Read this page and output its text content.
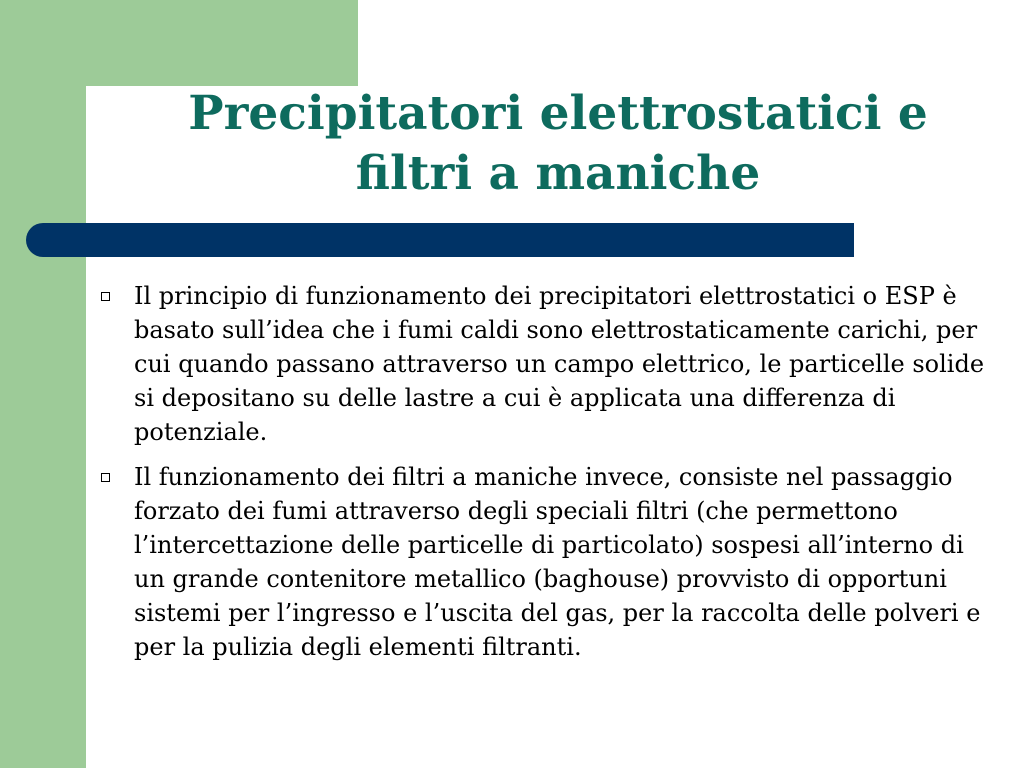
Precipitatori elettrostatici e
filtri a maniche
Il principio di funzionamento dei precipitatori elettrostatici o ESP è basato sull’idea che i fumi caldi sono elettrostaticamente carichi, per cui quando passano attraverso un campo elettrico, le particelle solide si depositano su delle lastre a cui è applicata una differenza di potenziale.
Il funzionamento dei filtri a maniche invece, consiste nel passaggio forzato dei fumi attraverso degli speciali filtri (che permettono l’intercettazione delle particelle di particolato) sospesi all’interno di un grande contenitore metallico (baghouse) provvisto di opportuni sistemi per l’ingresso e l’uscita del gas, per la raccolta delle polveri e per la pulizia degli elementi filtranti.
